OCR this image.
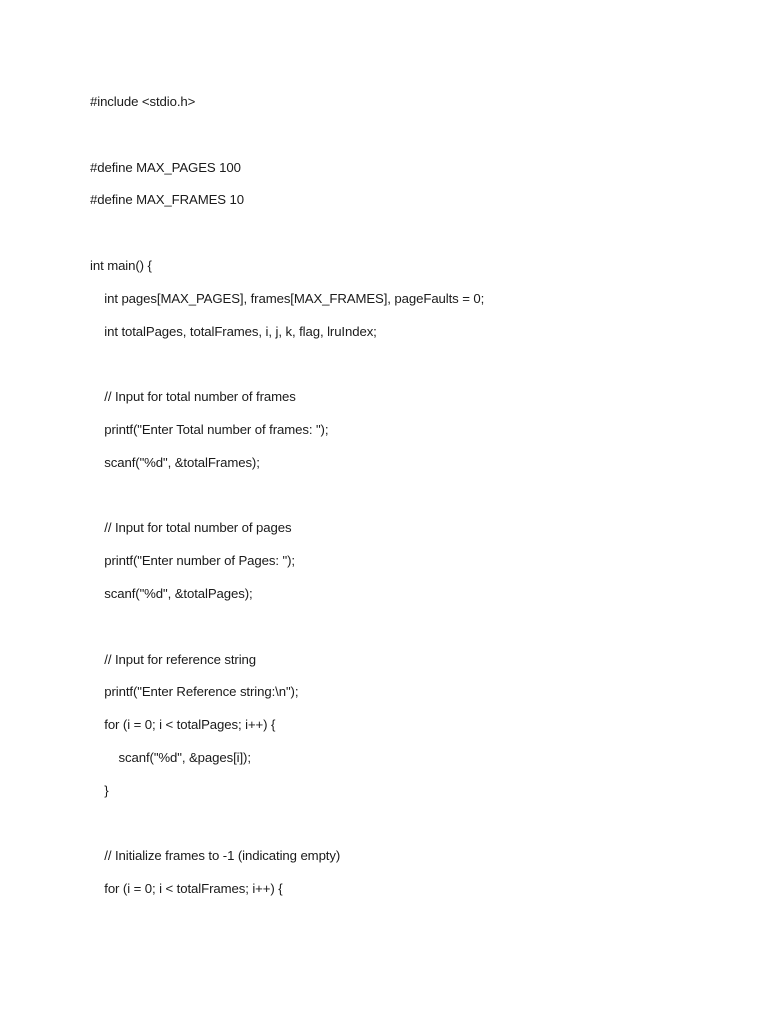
#include <stdio.h>
#define MAX_PAGES 100
#define MAX_FRAMES 10
int main() {
int pages[MAX_PAGES], frames[MAX_FRAMES], pageFaults = 0;
int totalPages, totalFrames, i, j, k, flag, lruIndex;
// Input for total number of frames
printf("Enter Total number of frames: ");
scanf("%d", &totalFrames);
// Input for total number of pages
printf("Enter number of Pages: ");
scanf("%d", &totalPages);
// Input for reference string
printf("Enter Reference string:\n");
for (i = 0; i < totalPages; i++) {
scanf("%d", &pages[i]);
}
// Initialize frames to -1 (indicating empty)
for (i = 0; i < totalFrames; i++) {
